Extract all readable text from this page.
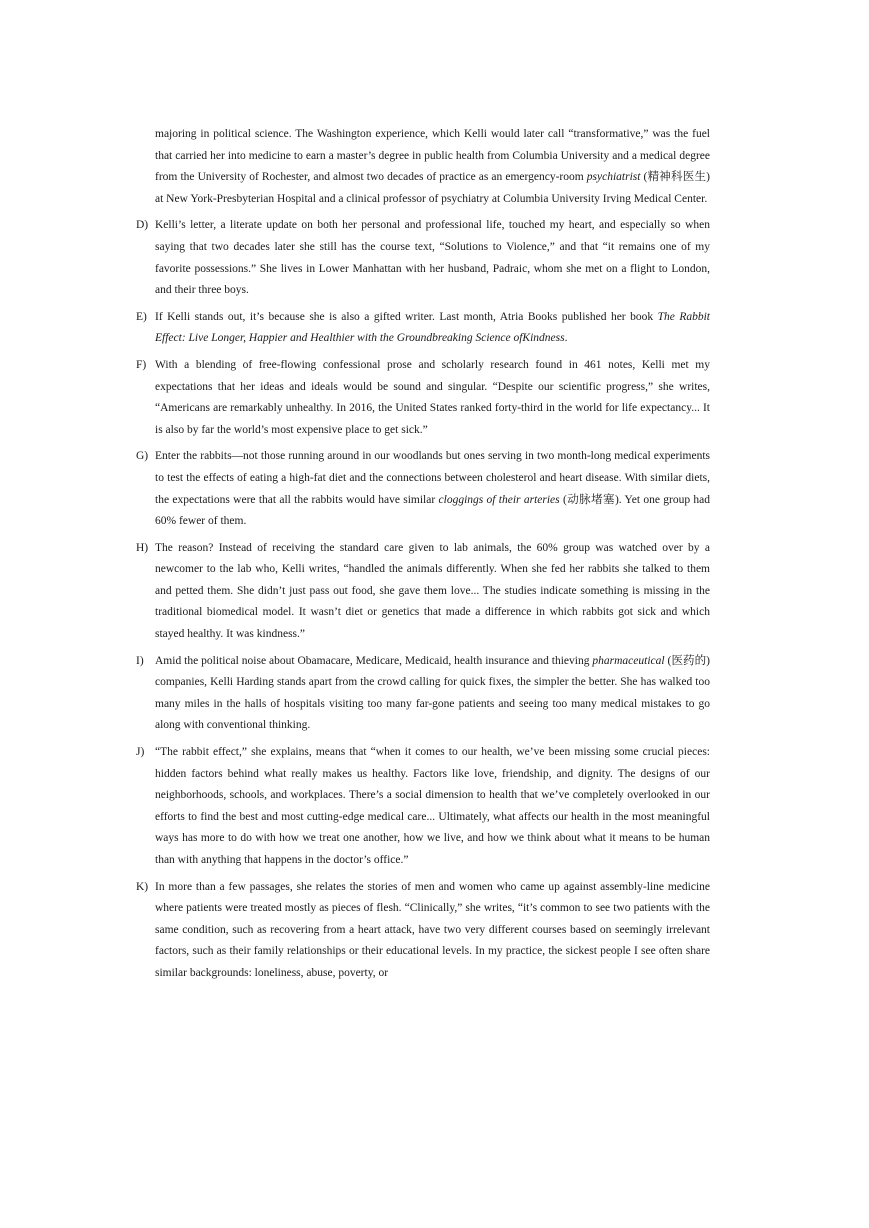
majoring in political science. The Washington experience, which Kelli would later call “transformative,” was the fuel that carried her into medicine to earn a master’s degree in public health from Columbia University and a medical degree from the University of Rochester, and almost two decades of practice as an emergency-room psychiatrist (精神科医生) at New York-Presbyterian Hospital and a clinical professor of psychiatry at Columbia University Irving Medical Center.

D) Kelli’s letter, a literate update on both her personal and professional life, touched my heart, and especially so when saying that two decades later she still has the course text, “Solutions to Violence,” and that “it remains one of my favorite possessions.” She lives in Lower Manhattan with her husband, Padraic, whom she met on a flight to London, and their three boys.
E) If Kelli stands out, it’s because she is also a gifted writer. Last month, Atria Books published her book The Rabbit Effect: Live Longer, Happier and Healthier with the Groundbreaking Science ofKindness.
F) With a blending of free-flowing confessional prose and scholarly research found in 461 notes, Kelli met my expectations that her ideas and ideals would be sound and singular. “Despite our scientific progress,” she writes, “Americans are remarkably unhealthy. In 2016, the United States ranked forty-third in the world for life expectancy... It is also by far the world’s most expensive place to get sick.”
G) Enter the rabbits—not those running around in our woodlands but ones serving in two month-long medical experiments to test the effects of eating a high-fat diet and the connections between cholesterol and heart disease. With similar diets, the expectations were that all the rabbits would have similar cloggings of their arteries (动脉堵塞). Yet one group had 60% fewer of them.
H) The reason? Instead of receiving the standard care given to lab animals, the 60% group was watched over by a newcomer to the lab who, Kelli writes, “handled the animals differently. When she fed her rabbits she talked to them and petted them. She didn’t just pass out food, she gave them love... The studies indicate something is missing in the traditional biomedical model. It wasn’t diet or genetics that made a difference in which rabbits got sick and which stayed healthy. It was kindness.”
I) Amid the political noise about Obamacare, Medicare, Medicaid, health insurance and thieving pharmaceutical (医药的) companies, Kelli Harding stands apart from the crowd calling for quick fixes, the simpler the better. She has walked too many miles in the halls of hospitals visiting too many far-gone patients and seeing too many medical mistakes to go along with conventional thinking.
J) “The rabbit effect,” she explains, means that “when it comes to our health, we’ve been missing some crucial pieces: hidden factors behind what really makes us healthy. Factors like love, friendship, and dignity. The designs of our neighborhoods, schools, and workplaces. There’s a social dimension to health that we’ve completely overlooked in our efforts to find the best and most cutting-edge medical care... Ultimately, what affects our health in the most meaningful ways has more to do with how we treat one another, how we live, and how we think about what it means to be human than with anything that happens in the doctor’s office.”
K) In more than a few passages, she relates the stories of men and women who came up against assembly-line medicine where patients were treated mostly as pieces of flesh. “Clinically,” she writes, “it’s common to see two patients with the same condition, such as recovering from a heart attack, have two very different courses based on seemingly irrelevant factors, such as their family relationships or their educational levels. In my practice, the sickest people I see often share similar backgrounds: loneliness, abuse, poverty, or
